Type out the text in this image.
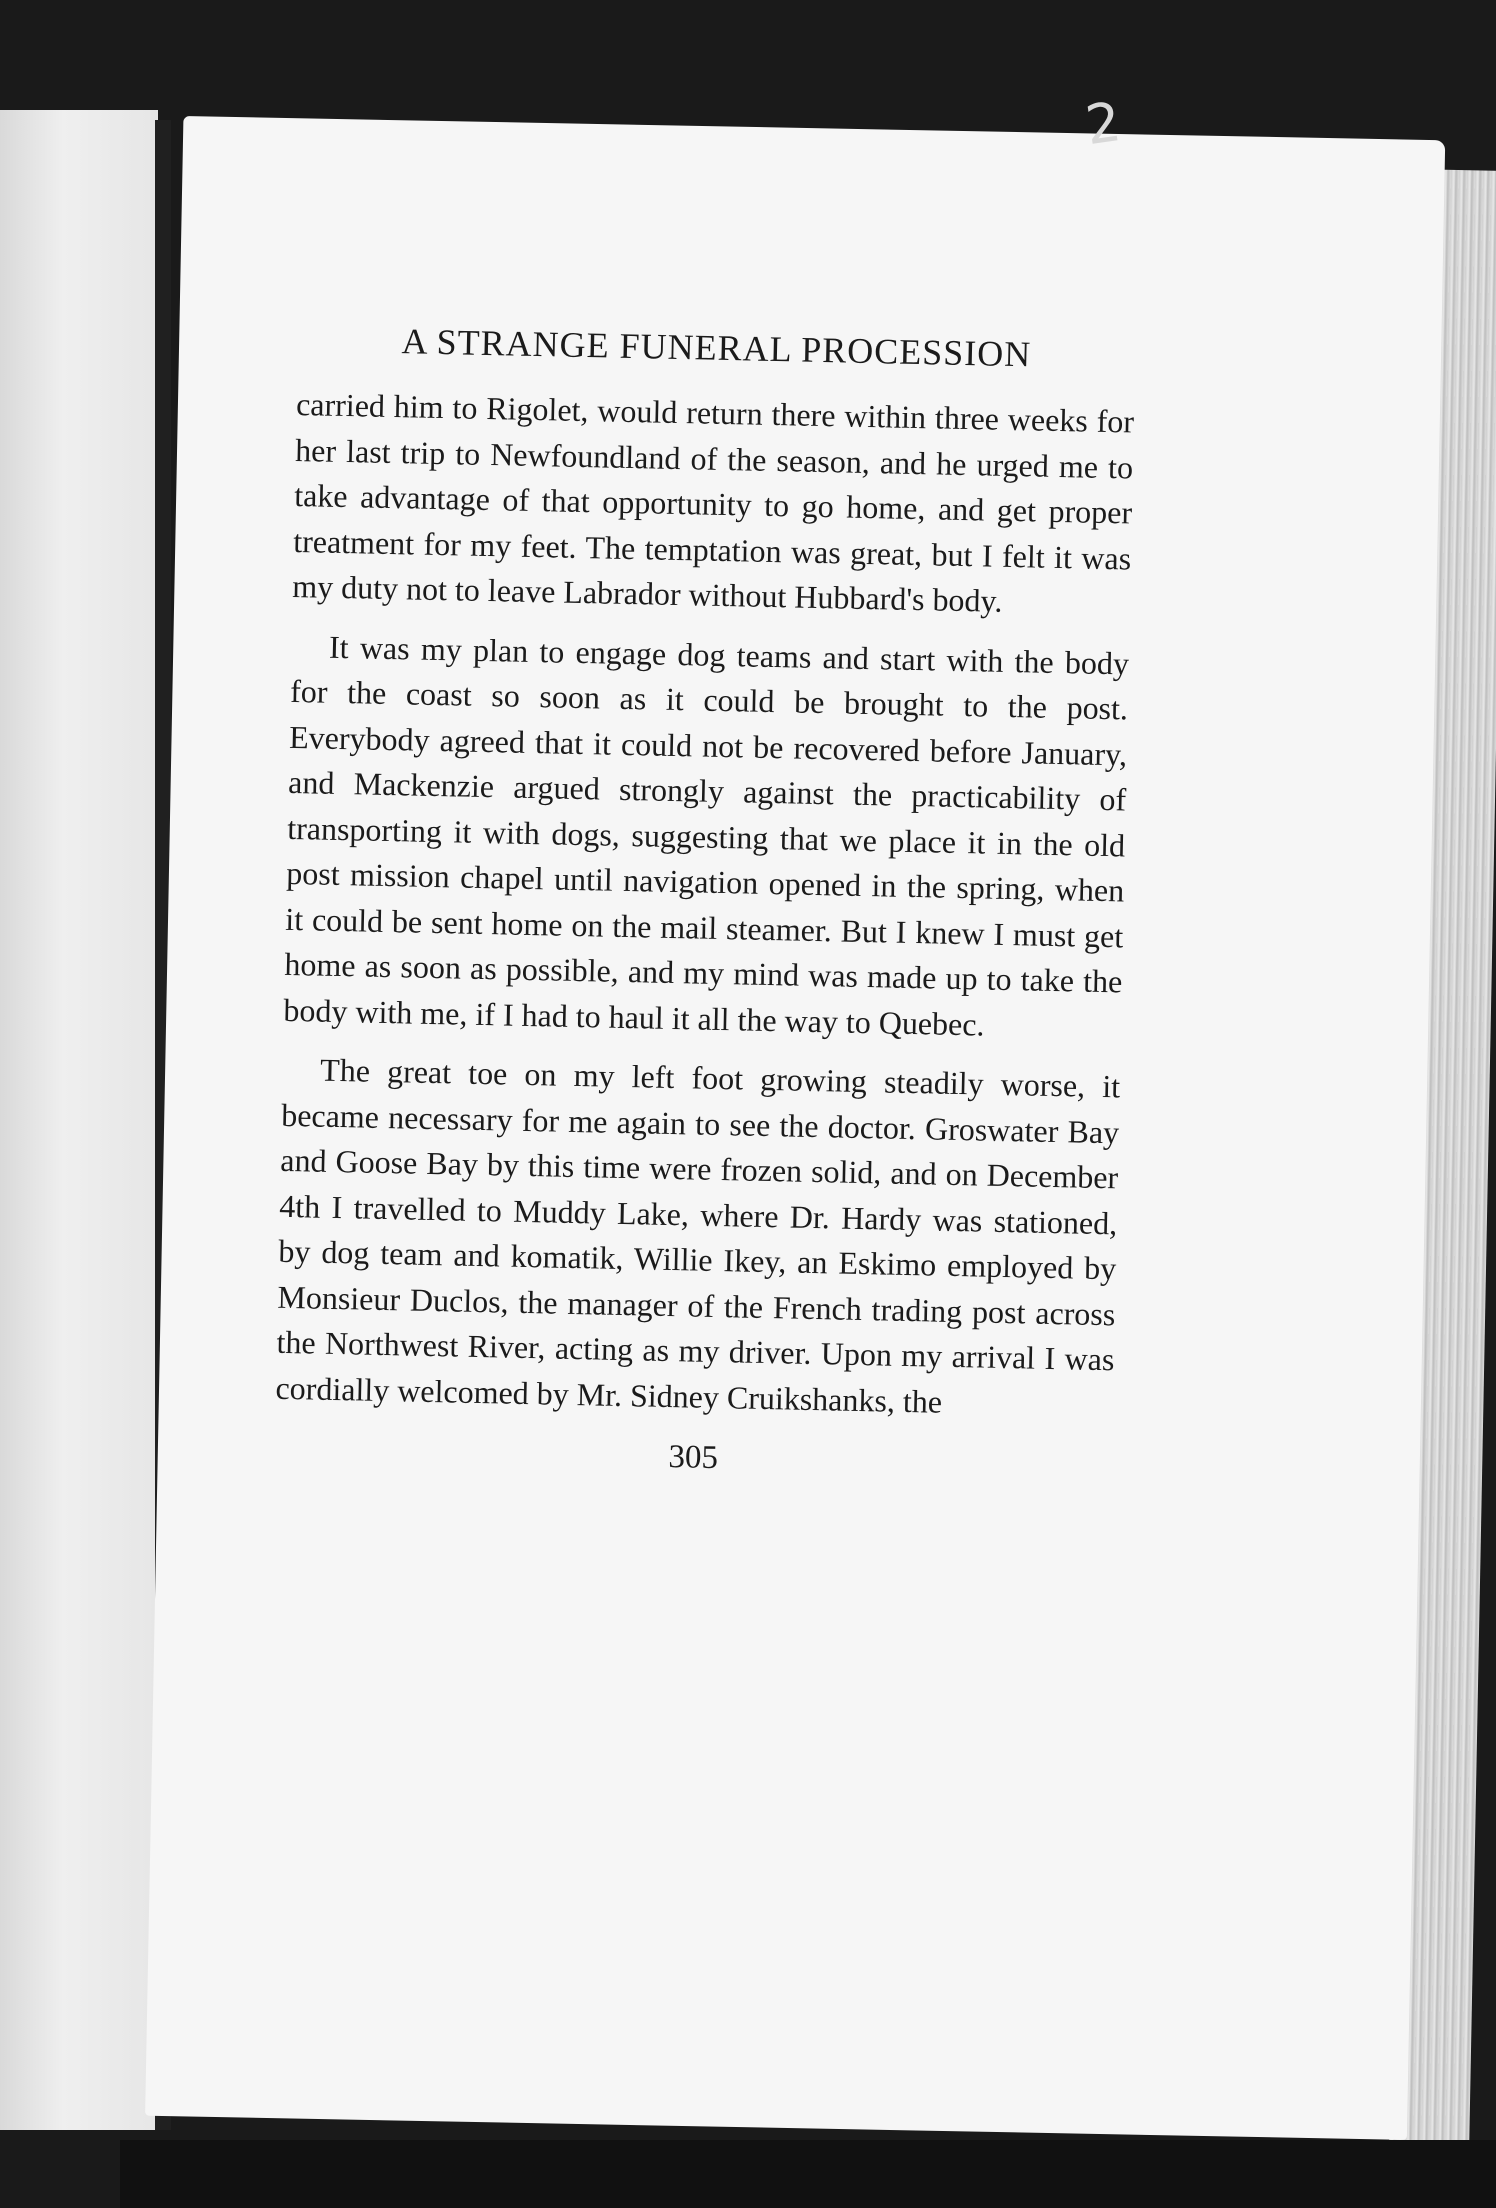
2
A STRANGE FUNERAL PROCESSION

carried him to Rigolet, would return there within three weeks for her last trip to Newfoundland of the season, and he urged me to take advantage of that opportunity to go home, and get proper treatment for my feet. The temptation was great, but I felt it was my duty not to leave Labrador without Hubbard's body.

It was my plan to engage dog teams and start with the body for the coast so soon as it could be brought to the post. Everybody agreed that it could not be recovered before January, and Mackenzie argued strongly against the practicability of transporting it with dogs, suggesting that we place it in the old post mission chapel until navigation opened in the spring, when it could be sent home on the mail steamer. But I knew I must get home as soon as possible, and my mind was made up to take the body with me, if I had to haul it all the way to Quebec.

The great toe on my left foot growing steadily worse, it became necessary for me again to see the doctor. Groswater Bay and Goose Bay by this time were frozen solid, and on December 4th I travelled to Muddy Lake, where Dr. Hardy was stationed, by dog team and komatik, Willie Ikey, an Eskimo employed by Monsieur Duclos, the manager of the French trading post across the Northwest River, acting as my driver. Upon my arrival I was cordially welcomed by Mr. Sidney Cruikshanks, the

305
